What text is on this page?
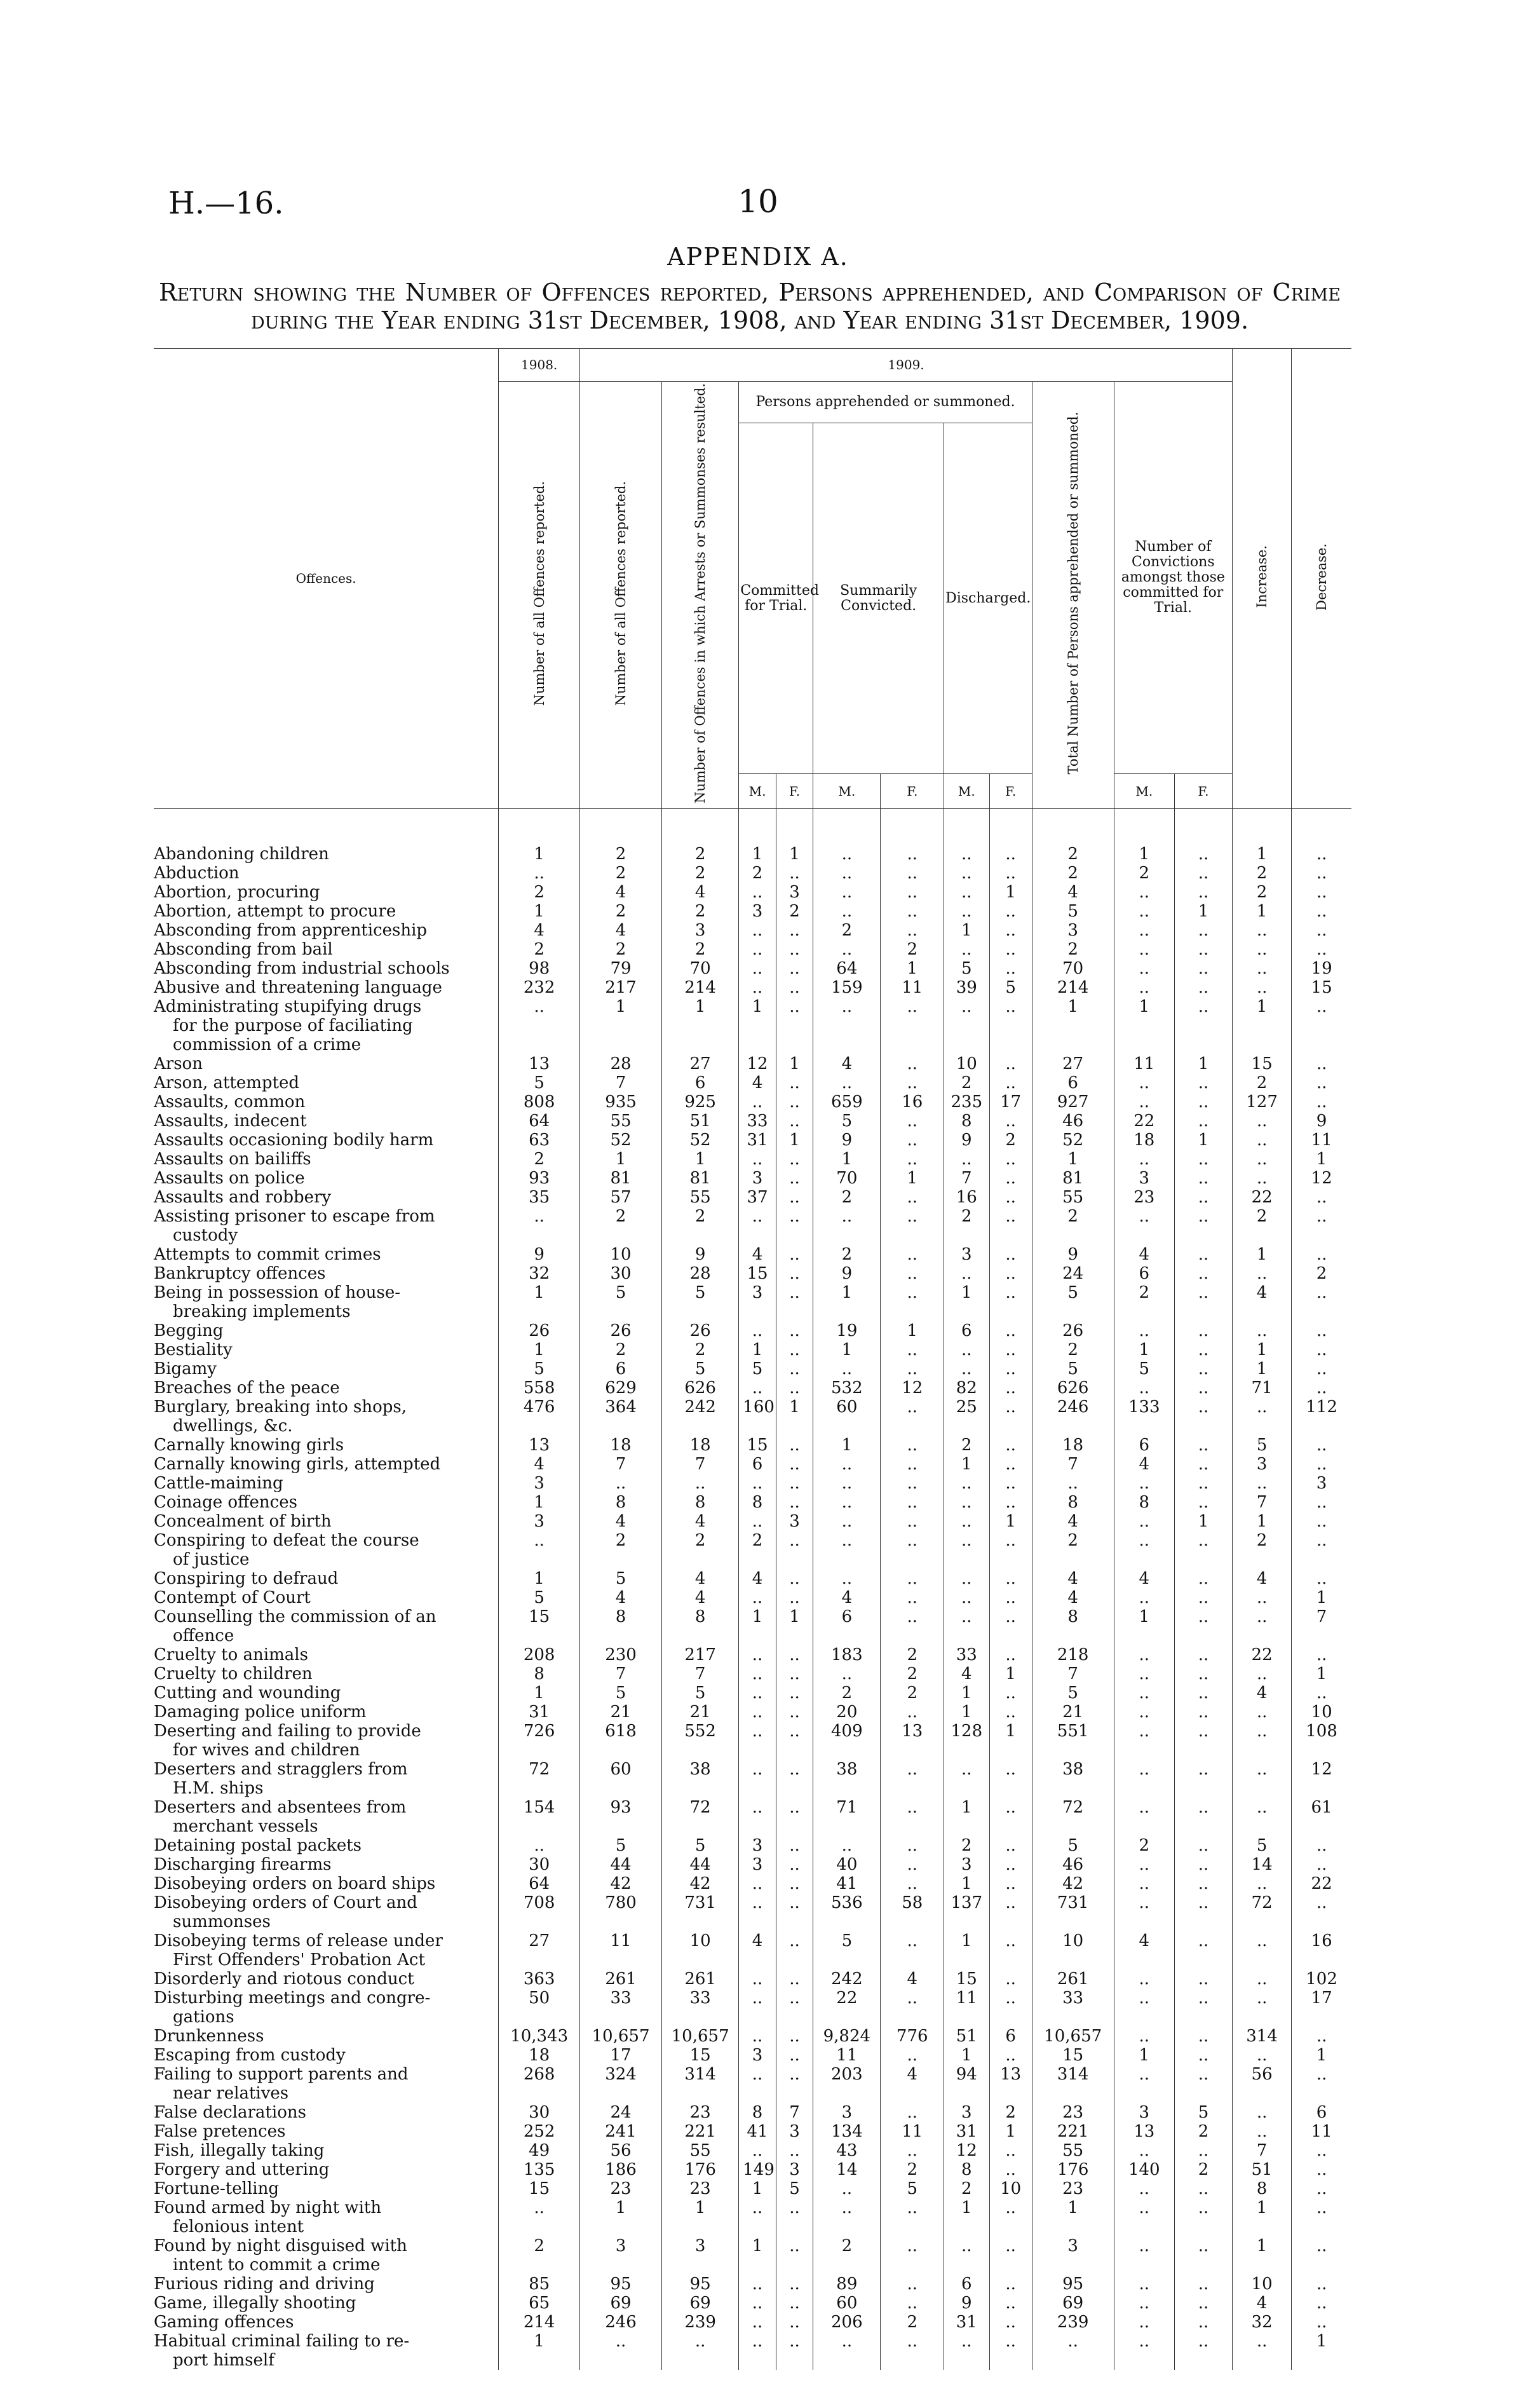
H.—16.	10
APPENDIX A.
Return showing the Number of Offences reported, Persons apprehended, and Comparison of Crime during the Year ending 31st December, 1908, and Year ending 31st December, 1909.
Offences.	1908.	1909.											Increase.	Decrease.
	Number of all Offences reported.	Number of all Offences reported.	Number of Offences in which Arrests or Summonses resulted.	Persons apprehended or summoned.						Total Number of Persons apprehended or summoned.	Number of Convictions amongst those committed for Trial.			
				Committed for Trial.		Summarily Convicted.		Discharged.						
				M.	F.	M.	F.	M.	F.		M.	F.		
Abandoning children	1	2	2	1	1	..	..	..	..	2	1	..	1	..
Abduction	..	2	2	2	..	..	..	..	..	2	2	..	2	..
Abortion, procuring	2	4	4	..	3	..	..	..	1	4	..	..	2	..
Abortion, attempt to procure	1	2	2	3	2	..	..	..	..	5	..	1	1	..
Absconding from apprenticeship	4	4	3	..	..	2	..	1	..	3	..	..	..	..
Absconding from bail	2	2	2	..	..	..	2	..	..	2	..	..	..	..
Absconding from industrial schools	98	79	70	..	..	64	1	5	..	70	..	..	..	19
Abusive and threatening language	232	217	214	..	..	159	11	39	5	214	..	..	..	15
Administrating stupifying drugs
for the purpose of faciliating commission of a crime	..	1	1	1	..	..	..	..	..	1	1	..	1	..
Arson	13	28	27	12	1	4	..	10	..	27	11	1	15	..
Arson, attempted	5	7	6	4	..	..	..	2	..	6	..	..	2	..
Assaults, common	808	935	925	..	..	659	16	235	17	927	..	..	127	..
Assaults, indecent	64	55	51	33	..	5	..	8	..	46	22	..	..	9
Assaults occasioning bodily harm	63	52	52	31	1	9	..	9	2	52	18	1	..	11
Assaults on bailiffs	2	1	1	..	..	1	..	..	..	1	..	..	..	1
Assaults on police	93	81	81	3	..	70	1	7	..	81	3	..	..	12
Assaults and robbery	35	57	55	37	..	2	..	16	..	55	23	..	22	..
Assisting prisoner to escape from
custody	..	2	2	..	..	..	..	2	..	2	..	..	2	..
Attempts to commit crimes	9	10	9	4	..	2	..	3	..	9	4	..	1	..
Bankruptcy offences	32	30	28	15	..	9	..	..	..	24	6	..	..	2
Being in possession of house-
breaking implements	1	5	5	3	..	1	..	1	..	5	2	..	4	..
Begging	26	26	26	..	..	19	1	6	..	26	..	..	..	..
Bestiality	1	2	2	1	..	1	..	..	..	2	1	..	1	..
Bigamy	5	6	5	5	..	..	..	..	..	5	5	..	1	..
Breaches of the peace	558	629	626	..	..	532	12	82	..	626	..	..	71	..
Burglary, breaking into shops,
dwellings, &c.	476	364	242	160	1	60	..	25	..	246	133	..	..	112
Carnally knowing girls	13	18	18	15	..	1	..	2	..	18	6	..	5	..
Carnally knowing girls, attempted	4	7	7	6	..	..	..	1	..	7	4	..	3	..
Cattle-maiming	3	..	..	..	..	..	..	..	..	..	..	..	..	3
Coinage offences	1	8	8	8	..	..	..	..	..	8	8	..	7	..
Concealment of birth	3	4	4	..	3	..	..	..	1	4	..	1	1	..
Conspiring to defeat the course
of justice	..	2	2	2	..	..	..	..	..	2	..	..	2	..
Conspiring to defraud	1	5	4	4	..	..	..	..	..	4	4	..	4	..
Contempt of Court	5	4	4	..	..	4	..	..	..	4	..	..	..	1
Counselling the commission of an
offence	15	8	8	1	1	6	..	..	..	8	1	..	..	7
Cruelty to animals	208	230	217	..	..	183	2	33	..	218	..	..	22	..
Cruelty to children	8	7	7	..	..	..	2	4	1	7	..	..	..	1
Cutting and wounding	1	5	5	..	..	2	2	1	..	5	..	..	4	..
Damaging police uniform	31	21	21	..	..	20	..	1	..	21	..	..	..	10
Deserting and failing to provide
for wives and children	726	618	552	..	..	409	13	128	1	551	..	..	..	108
Deserters and stragglers from
H.M. ships	72	60	38	..	..	38	..	..	..	38	..	..	..	12
Deserters and absentees from
merchant vessels	154	93	72	..	..	71	..	1	..	72	..	..	..	61
Detaining postal packets	..	5	5	3	..	..	..	2	..	5	2	..	5	..
Discharging firearms	30	44	44	3	..	40	..	3	..	46	..	..	14	..
Disobeying orders on board ships	64	42	42	..	..	41	..	1	..	42	..	..	..	22
Disobeying orders of Court and
summonses	708	780	731	..	..	536	58	137	..	731	..	..	72	..
Disobeying terms of release under
First Offenders' Probation Act	27	11	10	4	..	5	..	1	..	10	4	..	..	16
Disorderly and riotous conduct	363	261	261	..	..	242	4	15	..	261	..	..	..	102
Disturbing meetings and congre-
gations	50	33	33	..	..	22	..	11	..	33	..	..	..	17
Drunkenness	10,343	10,657	10,657	..	..	9,824	776	51	6	10,657	..	..	314	..
Escaping from custody	18	17	15	3	..	11	..	1	..	15	1	..	..	1
Failing to support parents and
near relatives	268	324	314	..	..	203	4	94	13	314	..	..	56	..
False declarations	30	24	23	8	7	3	..	3	2	23	3	5	..	6
False pretences	252	241	221	41	3	134	11	31	1	221	13	2	..	11
Fish, illegally taking	49	56	55	..	..	43	..	12	..	55	..	..	7	..
Forgery and uttering	135	186	176	149	3	14	2	8	..	176	140	2	51	..
Fortune-telling	15	23	23	1	5	..	5	2	10	23	..	..	8	..
Found armed by night with
felonious intent	..	1	1	..	..	..	..	1	..	1	..	..	1	..
Found by night disguised with
intent to commit a crime	2	3	3	1	..	2	..	..	..	3	..	..	1	..
Furious riding and driving	85	95	95	..	..	89	..	6	..	95	..	..	10	..
Game, illegally shooting	65	69	69	..	..	60	..	9	..	69	..	..	4	..
Gaming offences	214	246	239	..	..	206	2	31	..	239	..	..	32	..
Habitual criminal failing to re-
port himself	1	..	..	..	..	..	..	..	..	..	..	..	..	1
